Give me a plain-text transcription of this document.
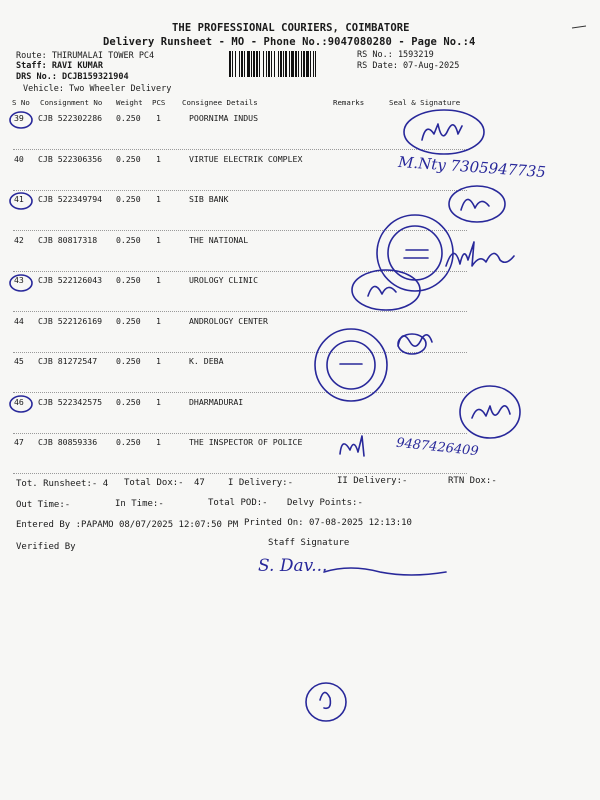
THE PROFESSIONAL COURIERS, COIMBATORE
Delivery Runsheet - MO - Phone No.:9047080280 - Page No.:4
Route: THIRUMALAI TOWER PC4
Staff: RAVI KUMAR
DRS No.: DCJB159321904
Vehicle: Two Wheeler Delivery
RS No.: 1593219
RS Date: 07-Aug-2025
S No Consignment No Weight PCS Consignee Details	Remarks	Seal & Signature
39 CJB 522302286 0.250 1	POORNIMA INDUS
40 CJB 522306356 0.250 1	VIRTUE ELECTRIK COMPLEX
41 CJB 522349794 0.250 1	SIB BANK
42 CJB 80817318 0.250 1	THE NATIONAL
43 CJB 522126043 0.250 1	UROLOGY CLINIC
44 CJB 522126169 0.250 1	ANDROLOGY CENTER
45 CJB 81272547 0.250 1	K. DEBA
46 CJB 522342575 0.250 1	DHARMADURAI
47 CJB 80859336 0.250 1	THE INSPECTOR OF POLICE
M.Nty 7305947735
9487426409
Tot. Runsheet:- 4 Total Dox:- 47	I Delivery:-	II Delivery:-	RTN Dox:-
Out Time:-	In Time:-	Total POD:- Delvy Points:-
Entered By :PAPAMO 08/07/2025 12:07:50 PM Printed On: 07-08-2025 12:13:10
Verified By	Staff Signature
S. Dav...
